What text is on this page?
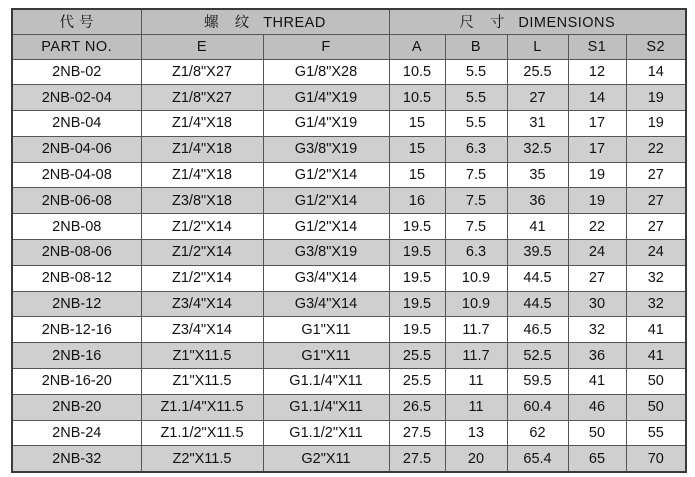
代 号	螺 纹 THREAD		尺 寸 DIMENSIONS				
PART NO.	E	F	A	B	L	S1	S2
2NB-02	Z1/8"X27	G1/8"X28	10.5	5.5	25.5	12	14
2NB-02-04	Z1/8"X27	G1/4"X19	10.5	5.5	27	14	19
2NB-04	Z1/4"X18	G1/4"X19	15	5.5	31	17	19
2NB-04-06	Z1/4"X18	G3/8"X19	15	6.3	32.5	17	22
2NB-04-08	Z1/4"X18	G1/2"X14	15	7.5	35	19	27
2NB-06-08	Z3/8"X18	G1/2"X14	16	7.5	36	19	27
2NB-08	Z1/2"X14	G1/2"X14	19.5	7.5	41	22	27
2NB-08-06	Z1/2"X14	G3/8"X19	19.5	6.3	39.5	24	24
2NB-08-12	Z1/2"X14	G3/4"X14	19.5	10.9	44.5	27	32
2NB-12	Z3/4"X14	G3/4"X14	19.5	10.9	44.5	30	32
2NB-12-16	Z3/4"X14	G1"X11	19.5	11.7	46.5	32	41
2NB-16	Z1"X11.5	G1"X11	25.5	11.7	52.5	36	41
2NB-16-20	Z1"X11.5	G1.1/4"X11	25.5	11	59.5	41	50
2NB-20	Z1.1/4"X11.5	G1.1/4"X11	26.5	11	60.4	46	50
2NB-24	Z1.1/2"X11.5	G1.1/2"X11	27.5	13	62	50	55
2NB-32	Z2"X11.5	G2"X11	27.5	20	65.4	65	70
